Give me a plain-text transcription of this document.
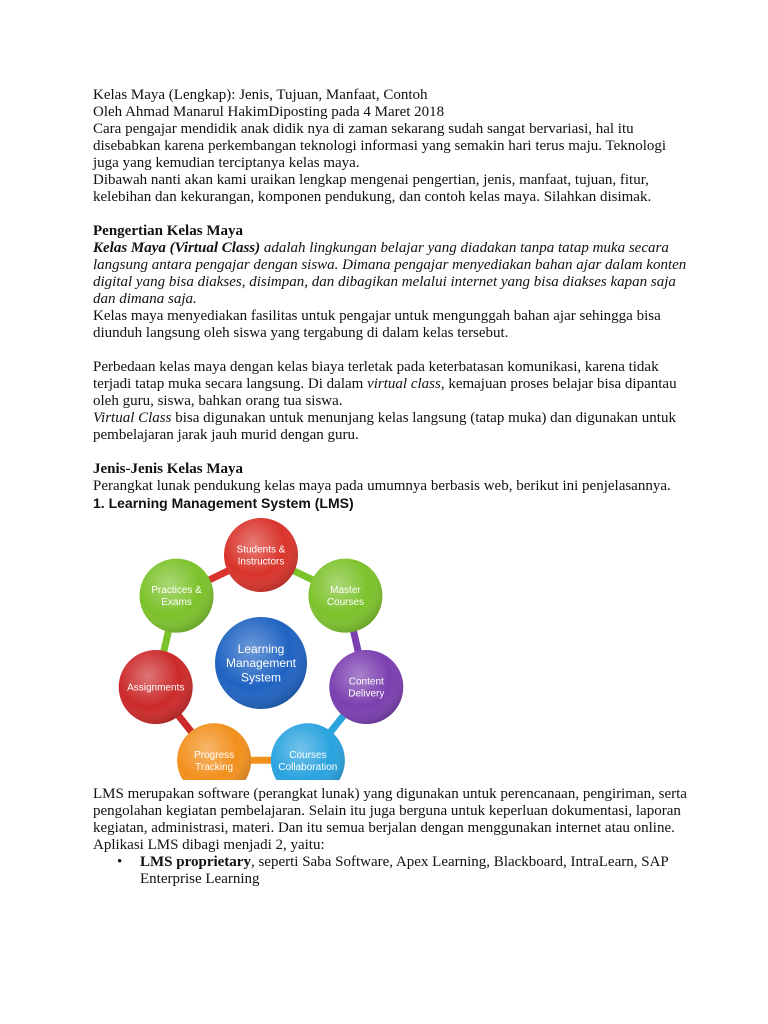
Kelas Maya (Lengkap): Jenis, Tujuan, Manfaat, Contoh

Oleh Ahmad Manarul HakimDiposting pada 4 Maret 2018

Cara pengajar mendidik anak didik nya di zaman sekarang sudah sangat bervariasi, hal itu disebabkan karena perkembangan teknologi informasi yang semakin hari terus maju. Teknologi juga yang kemudian terciptanya kelas maya.

Dibawah nanti akan kami uraikan lengkap mengenai pengertian, jenis, manfaat, tujuan, fitur, kelebihan dan kekurangan, komponen pendukung, dan contoh kelas maya. Silahkan disimak.

Pengertian Kelas Maya

Kelas Maya (Virtual Class) adalah lingkungan belajar yang diadakan tanpa tatap muka secara langsung antara pengajar dengan siswa. Dimana pengajar menyediakan bahan ajar dalam konten digital yang bisa diakses, disimpan, dan dibagikan melalui internet yang bisa diakses kapan saja dan dimana saja.

Kelas maya menyediakan fasilitas untuk pengajar untuk mengunggah bahan ajar sehingga bisa diunduh langsung oleh siswa yang tergabung di dalam kelas tersebut.

Perbedaan kelas maya dengan kelas biaya terletak pada keterbatasan komunikasi, karena tidak terjadi tatap muka secara langsung. Di dalam virtual class, kemajuan proses belajar bisa dipantau oleh guru, siswa, bahkan orang tua siswa.

Virtual Class bisa digunakan untuk menunjang kelas langsung (tatap muka) dan digunakan untuk pembelajaran jarak jauh murid dengan guru.

Jenis-Jenis Kelas Maya

Perangkat lunak pendukung kelas maya pada umumnya berbasis web, berikut ini penjelasannya.

1. Learning Management System (LMS)

Students &
Instructors
Master
Courses
Content
Delivery
Courses
Collaboration
Progress
Tracking
Assignments
Practices &
Exams
Learning
Management
System

LMS merupakan software (perangkat lunak) yang digunakan untuk perencanaan, pengiriman, serta pengolahan kegiatan pembelajaran. Selain itu juga berguna untuk keperluan dokumentasi, laporan kegiatan, administrasi, materi. Dan itu semua berjalan dengan menggunakan internet atau online.

Aplikasi LMS dibagi menjadi 2, yaitu:

• LMS proprietary, seperti Saba Software, Apex Learning, Blackboard, IntraLearn, SAP Enterprise Learning
